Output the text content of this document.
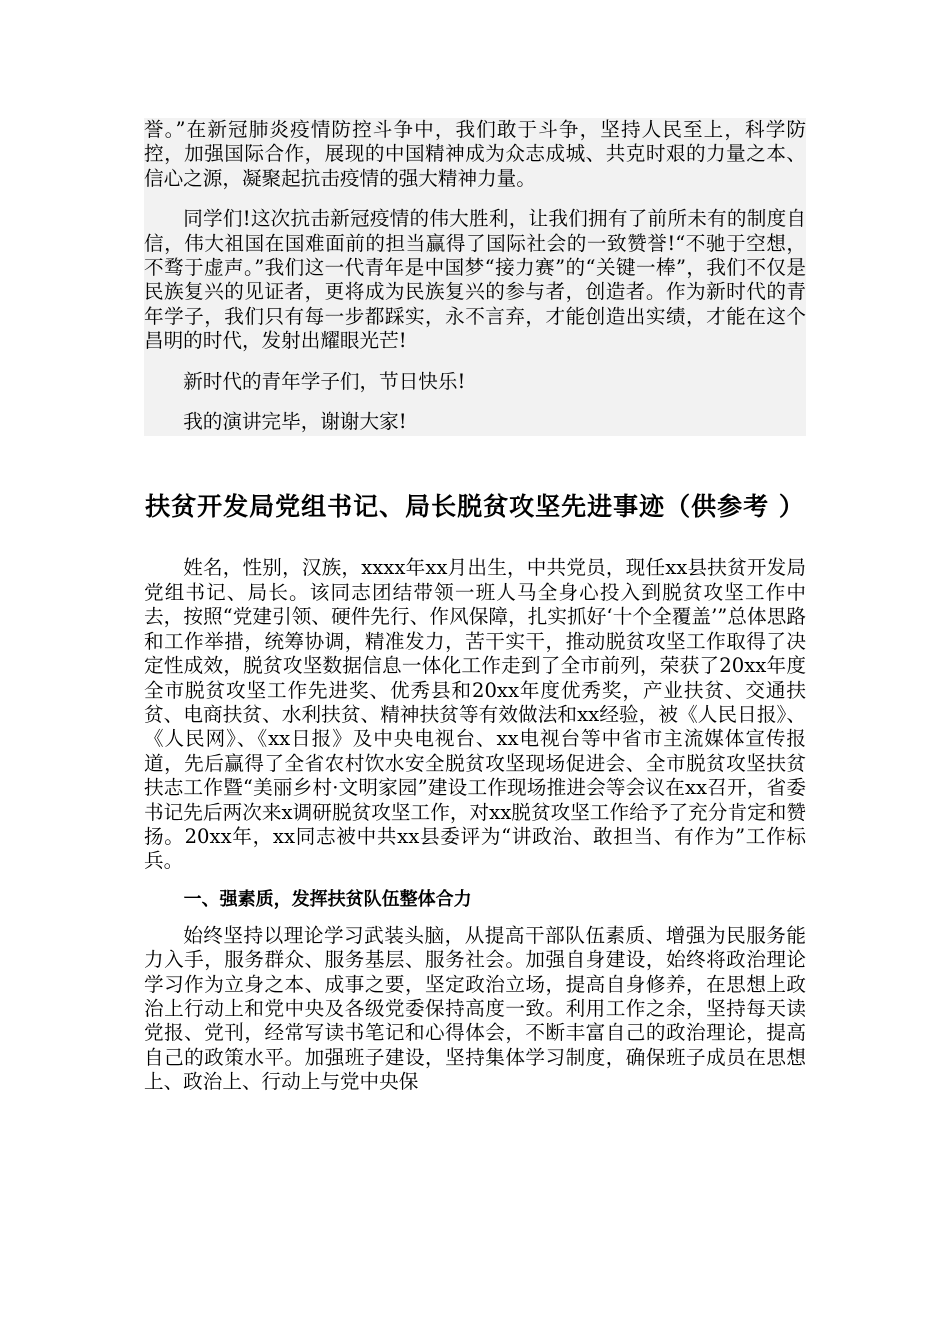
誉。”在新冠肺炎疫情防控斗争中，我们敢于斗争，坚持人民至上，科学防控，加强国际合作，展现的中国精神成为众志成城、共克时艰的力量之本、信心之源，凝聚起抗击疫情的强大精神力量。

同学们!这次抗击新冠疫情的伟大胜利，让我们拥有了前所未有的制度自信，伟大祖国在国难面前的担当赢得了国际社会的一致赞誉!“不驰于空想，不骛于虚声。”我们这一代青年是中国梦“接力赛”的“关键一棒”，我们不仅是民族复兴的见证者，更将成为民族复兴的参与者，创造者。作为新时代的青年学子，我们只有每一步都踩实，永不言弃，才能创造出实绩，才能在这个昌明的时代，发射出耀眼光芒!

新时代的青年学子们，节日快乐!

我的演讲完毕，谢谢大家!

扶贫开发局党组书记、局长脱贫攻坚先进事迹（供参考 ）

姓名，性别，汉族，xxxx年xx月出生，中共党员，现任xx县扶贫开发局党组书记、局长。该同志团结带领一班人马全身心投入到脱贫攻坚工作中去，按照“党建引领、硬件先行、作风保障，扎实抓好‘十个全覆盖’”总体思路和工作举措，统筹协调，精准发力，苦干实干，推动脱贫攻坚工作取得了决定性成效，脱贫攻坚数据信息一体化工作走到了全市前列，荣获了20xx年度全市脱贫攻坚工作先进奖、优秀县和20xx年度优秀奖，产业扶贫、交通扶贫、电商扶贫、水利扶贫、精神扶贫等有效做法和xx经验，被《人民日报》、《人民网》、《xx日报》及中央电视台、xx电视台等中省市主流媒体宣传报道，先后赢得了全省农村饮水安全脱贫攻坚现场促进会、全市脱贫攻坚扶贫扶志工作暨“美丽乡村·文明家园”建设工作现场推进会等会议在xx召开，省委书记先后两次来x调研脱贫攻坚工作，对xx脱贫攻坚工作给予了充分肯定和赞扬。20xx年，xx同志被中共xx县委评为“讲政治、敢担当、有作为”工作标兵。

一、强素质，发挥扶贫队伍整体合力

始终坚持以理论学习武装头脑，从提高干部队伍素质、增强为民服务能力入手，服务群众、服务基层、服务社会。加强自身建设，始终将政治理论学习作为立身之本、成事之要，坚定政治立场，提高自身修养，在思想上政治上行动上和党中央及各级党委保持高度一致。利用工作之余，坚持每天读党报、党刊，经常写读书笔记和心得体会，不断丰富自己的政治理论，提高自己的政策水平。加强班子建设，坚持集体学习制度，确保班子成员在思想上、政治上、行动上与党中央保
